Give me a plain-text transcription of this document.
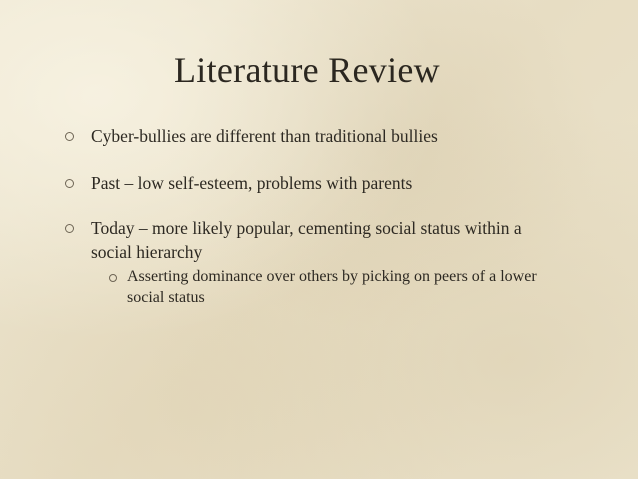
Literature Review
Cyber-bullies are different than traditional bullies
Past – low self-esteem, problems with parents
Today – more likely popular, cementing social status within a social hierarchy
Asserting dominance over others by picking on peers of a lower social status
